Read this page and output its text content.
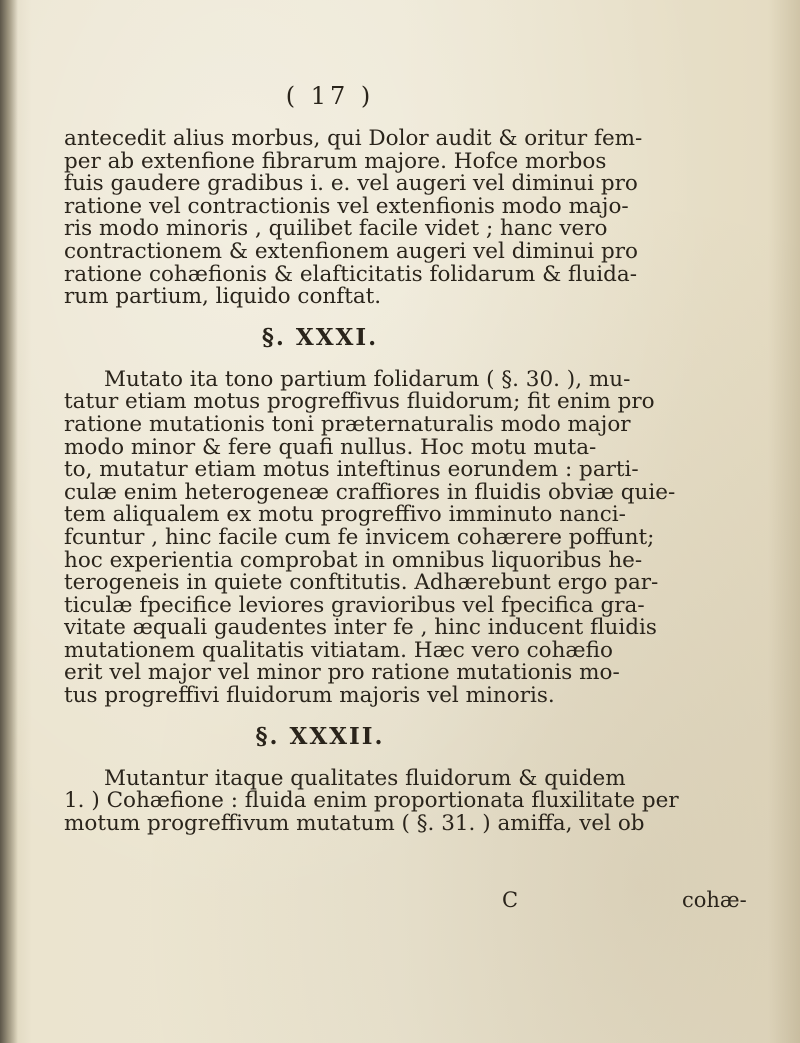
( 17 )
antecedit alius morbus, qui Dolor audit & oritur fem-
per ab extenfione fibrarum majore. Hofce morbos
fuis gaudere gradibus i. e. vel augeri vel diminui pro
ratione vel contractionis vel extenfionis modo majo-
ris modo minoris , quilibet facile videt ; hanc vero
contractionem & extenfionem augeri vel diminui pro
ratione cohæfionis & elafticitatis folidarum & fluida-
rum partium, liquido conftat.
§. XXXI.
Mutato ita tono partium folidarum ( §. 30. ), mu-
tatur etiam motus progreffivus fluidorum; fit enim pro
ratione mutationis toni præternaturalis modo major
modo minor & fere quafi nullus. Hoc motu muta-
to, mutatur etiam motus inteftinus eorundem : parti-
culæ enim heterogeneæ craffiores in fluidis obviæ quie-
tem aliqualem ex motu progreffivo imminuto nanci-
fcuntur , hinc facile cum fe invicem cohærere poffunt;
hoc experientia comprobat in omnibus liquoribus he-
terogeneis in quiete conftitutis. Adhærebunt ergo par-
ticulæ fpecifice leviores gravioribus vel fpecifica gra-
vitate æquali gaudentes inter fe , hinc inducent fluidis
mutationem qualitatis vitiatam. Hæc vero cohæfio
erit vel major vel minor pro ratione mutationis mo-
tus progreffivi fluidorum majoris vel minoris.
§. XXXII.
Mutantur itaque qualitates fluidorum & quidem
1. ) Cohæfione : fluida enim proportionata fluxilitate per
motum progreffivum mutatum ( §. 31. ) amiffa, vel ob
C	cohæ-
